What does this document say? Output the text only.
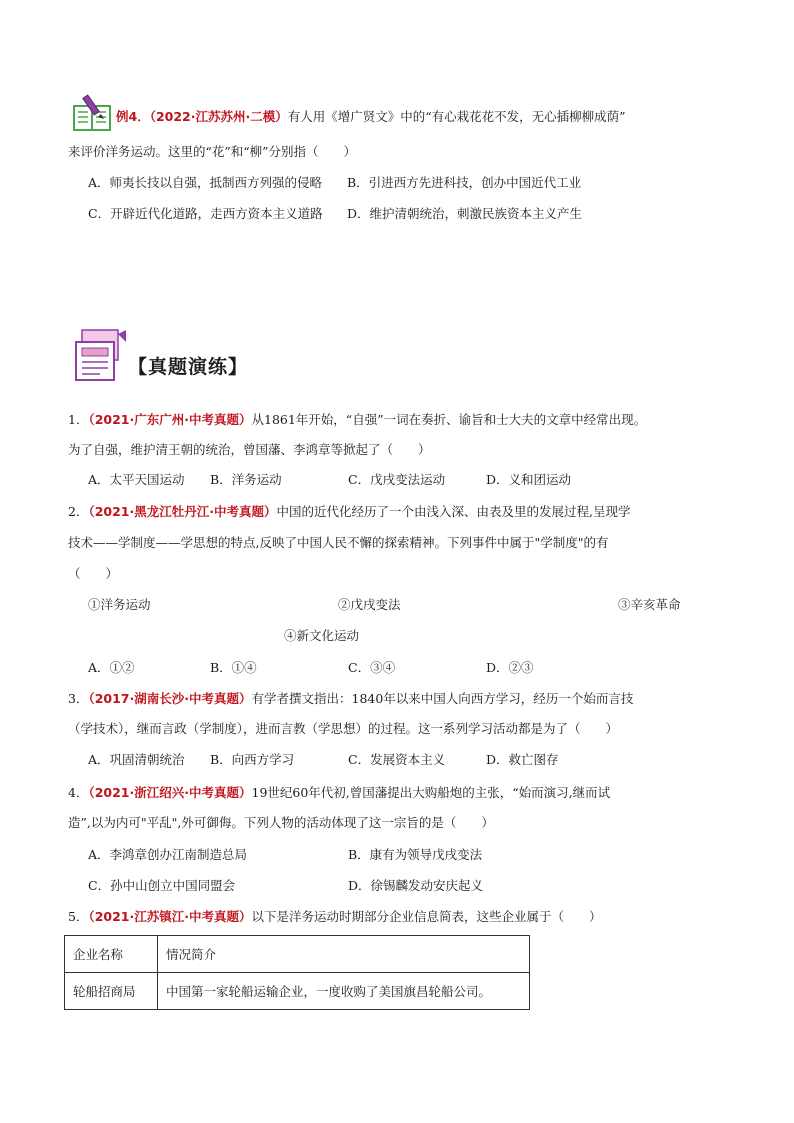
例4．（2022·江苏苏州·二模）有人用《增广贤文》中的“有心栽花花不发，无心插柳柳成荫”
来评价洋务运动。这里的“花”和“柳”分别指（　　）
A．师夷长技以自强，抵制西方列强的侵略 B．引进西方先进科技，创办中国近代工业
C．开辟近代化道路，走西方资本主义道路 D．维护清朝统治，刺激民族资本主义产生
【真题演练】
1．（2021·广东广州·中考真题）从1861年开始，“自强”一词在奏折、谕旨和士大夫的文章中经常出现。
为了自强，维护清王朝的统治，曾国藩、李鸿章等掀起了（　　）
A．太平天国运动 B．洋务运动	C．戊戌变法运动	D．义和团运动
2．（2021·黑龙江牡丹江·中考真题）中国的近代化经历了一个由浅入深、由表及里的发展过程,呈现学
技术——学制度——学思想的特点,反映了中国人民不懈的探索精神。下列事件中属于"学制度"的有
（　　）
①洋务运动	②戊戌变法	③辛亥革命
④新文化运动
A．①②	B．①④	C．③④	D．②③
3．（2017·湖南长沙·中考真题）有学者撰文指出：1840年以来中国人向西方学习，经历一个始而言技
（学技术），继而言政（学制度），进而言教（学思想）的过程。这一系列学习活动都是为了（　　）
A．巩固清朝统治 B．向西方学习	C．发展资本主义	D．救亡图存
4．（2021·浙江绍兴·中考真题）19世纪60年代初,曾国藩提出大购船炮的主张，“始而演习,继而试
造”,以为内可"平乱",外可御侮。下列人物的活动体现了这一宗旨的是（　　）
A．李鸿章创办江南制造总局	B．康有为领导戊戌变法
C．孙中山创立中国同盟会	D．徐锡麟发动安庆起义
5．（2021·江苏镇江·中考真题）以下是洋务运动时期部分企业信息简表，这些企业属于（　　）
企业名称	情况简介
轮船招商局	中国第一家轮船运输企业，一度收购了美国旗昌轮船公司。
